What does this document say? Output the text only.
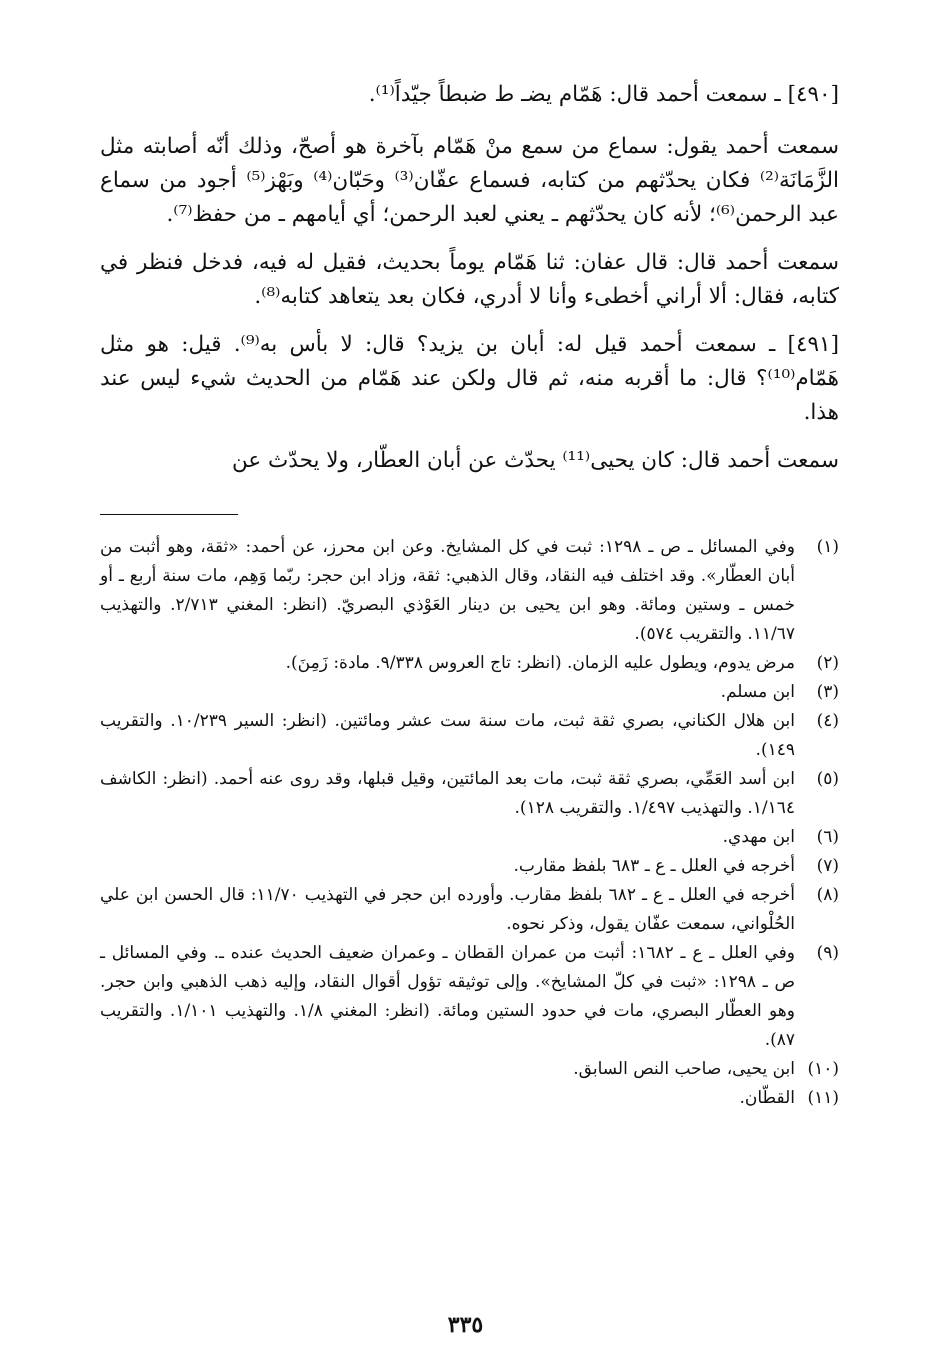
[٤٩٠] ـ سمعت أحمد قال: هَمّام يضـ ط ضبطاً جيّداً⁽¹⁾.

سمعت أحمد يقول: سماع من سمع منْ هَمّام بآخرة هو أصحّ، وذلك أنّه أصابته مثل الزَّمَانَة⁽²⁾ فكان يحدّثهم من كتابه، فسماع عفّان⁽³⁾ وحَبّان⁽⁴⁾ وبَهْز⁽⁵⁾ أجود من سماع عبد الرحمن⁽⁶⁾؛ لأنه كان يحدّثهم ـ يعني لعبد الرحمن؛ أي أيامهم ـ من حفظ⁽⁷⁾.

سمعت أحمد قال: قال عفان: ثنا هَمّام يوماً بحديث، فقيل له فيه، فدخل فنظر في كتابه، فقال: ألا أراني أخطىء وأنا لا أدري، فكان بعد يتعاهد كتابه⁽⁸⁾.

[٤٩١] ـ سمعت أحمد قيل له: أبان بن يزيد؟ قال: لا بأس به⁽⁹⁾. قيل: هو مثل هَمّام⁽¹⁰⁾؟ قال: ما أقربه منه، ثم قال ولكن عند هَمّام من الحديث شيء ليس عند هذا.

سمعت أحمد قال: كان يحيى⁽¹¹⁾ يحدّث عن أبان العطّار، ولا يحدّث عن

(١)
وفي المسائل ـ ص ـ ١٢٩٨: ثبت في كل المشايخ. وعن ابن محرز، عن أحمد: «ثقة، وهو أثبت من أبان العطّار». وقد اختلف فيه النقاد، وقال الذهبي: ثقة، وزاد ابن حجر: ربّما وَهِم، مات سنة أربع ـ أو خمس ـ وستين ومائة. وهو ابن يحيى بن دينار العَوْذي البصريّ. (انظر: المغني ٢/٧١٣. والتهذيب ١١/٦٧. والتقريب ٥٧٤).
(٢)
مرض يدوم، ويطول عليه الزمان. (انظر: تاج العروس ٩/٣٣٨. مادة: زَمِنَ).
(٣)
ابن مسلم.
(٤)
ابن هلال الكناني، بصري ثقة ثبت، مات سنة ست عشر ومائتين. (انظر: السير ١٠/٢٣٩. والتقريب ١٤٩).
(٥)
ابن أسد العَمِّي، بصري ثقة ثبت، مات بعد المائتين، وقيل قبلها، وقد روى عنه أحمد. (انظر: الكاشف ١/١٦٤. والتهذيب ١/٤٩٧. والتقريب ١٢٨).
(٦)
ابن مهدي.
(٧)
أخرجه في العلل ـ ع ـ ٦٨٣ بلفظ مقارب.
(٨)
أخرجه في العلل ـ ع ـ ٦٨٢ بلفظ مقارب. وأورده ابن حجر في التهذيب ١١/٧٠: قال الحسن ابن علي الحُلْواني، سمعت عفّان يقول، وذكر نحوه.
(٩)
وفي العلل ـ ع ـ ١٦٨٢: أثبت من عمران القطان ـ وعمران ضعيف الحديث عنده ـ. وفي المسائل ـ ص ـ ١٢٩٨: «ثبت في كلّ المشايخ». وإلى توثيقه تؤول أقوال النقاد، وإليه ذهب الذهبي وابن حجر. وهو العطّار البصري، مات في حدود الستين ومائة. (انظر: المغني ١/٨. والتهذيب ١/١٠١. والتقريب ٨٧).
(١٠)
ابن يحيى، صاحب النص السابق.
(١١)
القطّان.
٣٣٥
